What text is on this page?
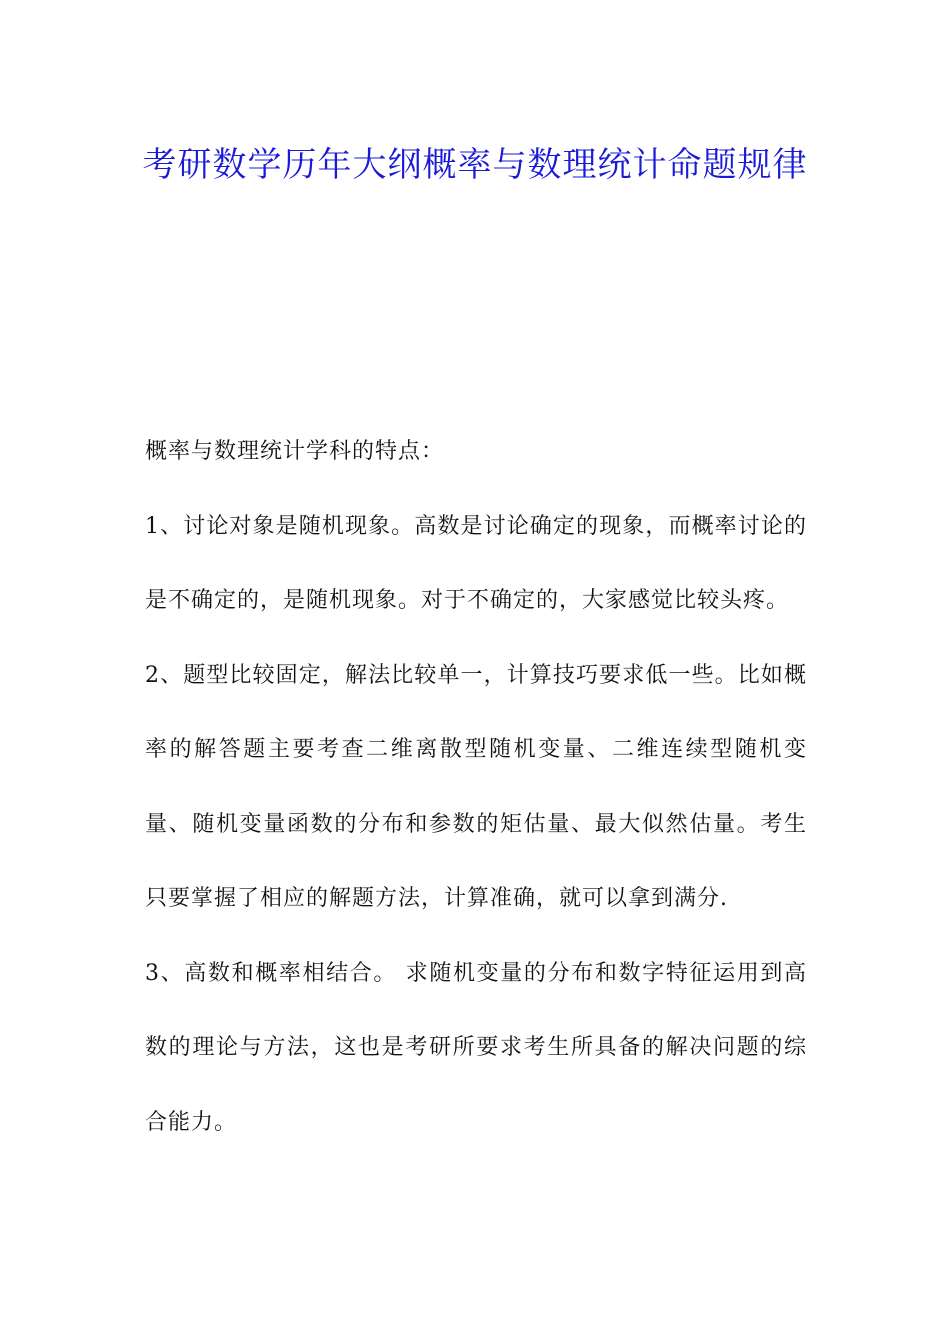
考研数学历年大纲概率与数理统计命题规律

概率与数理统计学科的特点：

1、讨论对象是随机现象。高数是讨论确定的现象，而概率讨论的是不确定的，是随机现象。对于不确定的，大家感觉比较头疼。

2、题型比较固定，解法比较单一，计算技巧要求低一些。比如概率的解答题主要考查二维离散型随机变量、二维连续型随机变量、随机变量函数的分布和参数的矩估量、最大似然估量。考生只要掌握了相应的解题方法，计算准确，就可以拿到满分.

3、高数和概率相结合。 求随机变量的分布和数字特征运用到高数的理论与方法，这也是考研所要求考生所具备的解决问题的综合能力。
